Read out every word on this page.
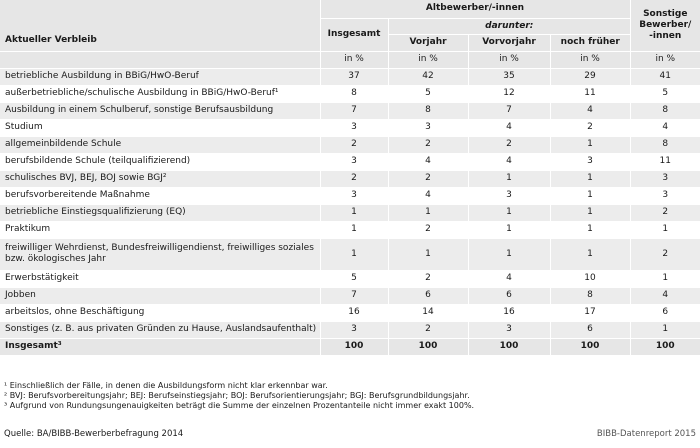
Aktueller Verbleib	Altbewerber/-innen				Sonstige
Bewerber/
-innen

	Insgesamt	darunter:			
		Vorjahr	Vorvorjahr	noch früher	
	in %	in %	in %	in %	in %
betriebliche Ausbildung in BBiG/HwO-Beruf	37	42	35	29	41
außerbetriebliche/schulische Ausbildung in BBiG/HwO-Beruf¹	8	5	12	11	5
Ausbildung in einem Schulberuf, sonstige Berufsausbildung	7	8	7	4	8
Studium	3	3	4	2	4
allgemeinbildende Schule	2	2	2	1	8
berufsbildende Schule (teilqualifizierend)	3	4	4	3	11
schulisches BVJ, BEJ, BOJ sowie BGJ²	2	2	1	1	3
berufsvorbereitende Maßnahme	3	4	3	1	3
betriebliche Einstiegsqualifizierung (EQ)	1	1	1	1	2
Praktikum	1	2	1	1	1
freiwilliger Wehrdienst, Bundesfreiwilligendienst, freiwilliges soziales bzw. ökologisches Jahr	1	1	1	1	2
Erwerbstätigkeit	5	2	4	10	1
Jobben	7	6	6	8	4
arbeitslos, ohne Beschäftigung	16	14	16	17	6
Sonstiges (z. B. aus privaten Gründen zu Hause, Auslandsaufenthalt)	3	2	3	6	1
Insgesamt³	100	100	100	100	100
¹ Einschließlich der Fälle, in denen die Ausbildungsform nicht klar erkennbar war.
² BVJ: Berufsvorbereitungsjahr; BEJ: Berufseinstiegsjahr; BOJ: Berufsorientierungsjahr; BGJ: Berufsgrundbildungsjahr.
³ Aufgrund von Rundungsungenauigkeiten beträgt die Summe der einzelnen Prozentanteile nicht immer exakt 100%.
Quelle: BA/BIBB-Bewerberbefragung 2014	BIBB-Datenreport 2015
